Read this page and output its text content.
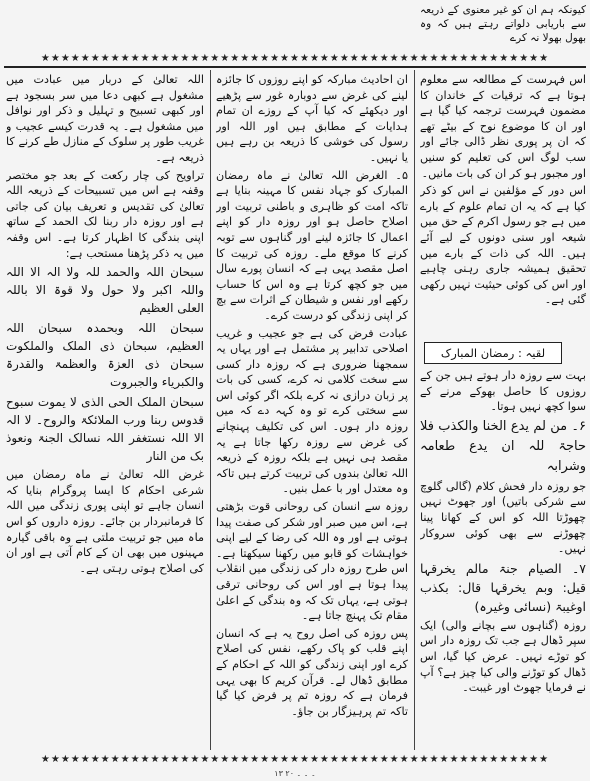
کیونکہ ہم ان کو غیر معنوی کے ذریعہ سے باریابی دلواتے رہتے ہیں کہ وہ بھول بھولا نہ کرے

★★★★★★★★★★★★★★★★★★★★★★★★★★★★★★★★★★★★★★★★★★★★★★★★★★★

اس فہرست کے مطالعہ سے معلوم ہوتا ہے کہ ترقیات کے خاندان کا مضمون فہرست ترجمہ کیا گیا ہے اور ان کا موضوع نوح کے بیٹے تھے کہ ان پر پوری نظر ڈالی جائے اور سب لوگ اس کی تعلیم کو سنیں اور مجبور ہو کر ان کی بات مانیں۔

اس دور کے مؤلفین نے اس کو ذکر کیا ہے کہ یہ ان تمام علوم کے بارے میں ہے جو رسول اکرم کے حق میں شیعہ اور سنی دونوں کے لیے آئے ہیں۔ اللہ کی ذات کے بارے میں تحقیق ہمیشہ جاری رہنی چاہیے اور اس کی کوئی حیثیت نہیں رکھی گئی ہے۔

لقیہ : رمضان المبارک

بہت سے روزہ دار ہوتے ہیں جن کے روزوں کا حاصل بھوکے مرنے کے سوا کچھ نہیں ہوتا۔

۶۔ من لم یدع الخنا والکذب فلا حاجۃ للہ ان یدع طعامہ وشرابہ

جو روزہ دار فحش کلام (گالی گلوچ سے شرکی باتیں) اور جھوٹ نہیں چھوڑتا اللہ کو اس کے کھانا پینا چھوڑنے سے بھی کوئی سروکار نہیں۔

۷۔ الصیام جنۃ مالم یخرقہا قیل: وبم یخرقہا قال: بکذب اوغیبۃ (نسائی وغیرہ)

روزہ (گناہوں سے بچانے والی) ایک سپر ڈھال ہے جب تک روزہ دار اس کو توڑے نہیں۔ عرض کیا گیا، اس ڈھال کو توڑنے والی کیا چیز ہے؟ آپ نے فرمایا جھوٹ اور غیبت۔

ان احادیث مبارکہ کو اپنے روزوں کا جائزہ لینے کی غرض سے دوبارہ غور سے پڑھیے اور دیکھئے کہ کیا آپ کے روزے ان تمام ہدایات کے مطابق ہیں اور اللہ اور رسول کی خوشی کا ذریعہ بن رہے ہیں یا نہیں۔

۵۔ الغرض اللہ تعالیٰ نے ماہ رمضان المبارک کو جہاد نفس کا مہینہ بنایا ہے تاکہ امت کو ظاہری و باطنی تربیت اور اصلاح حاصل ہو اور روزہ دار کو اپنے اعمال کا جائزہ لینے اور گناہوں سے توبہ کرنے کا موقع ملے۔ روزہ کی تربیت کا اصل مقصد یہی ہے کہ انسان پورے سال میں جو کچھ کرتا ہے وہ اس کا حساب رکھے اور نفس و شیطان کے اثرات سے بچ کر اپنی زندگی کو درست کرے۔

عبادت فرض کی ہے جو عجیب و غریب اصلاحی تدابیر پر مشتمل ہے اور یہاں یہ سمجھنا ضروری ہے کہ روزہ دار کسی سے سخت کلامی نہ کرے، کسی کی بات پر زبان درازی نہ کرے بلکہ اگر کوئی اس سے سختی کرے تو وہ کہہ دے کہ میں روزہ دار ہوں۔ اس کی تکلیف پہنچانے کی غرض سے روزہ رکھا جاتا ہے یہ مقصد ہی نہیں ہے بلکہ روزہ کے ذریعہ اللہ تعالیٰ بندوں کی تربیت کرتے ہیں تاکہ وہ معتدل اور با عمل بنیں۔

روزہ سے انسان کی روحانی قوت بڑھتی ہے، اس میں صبر اور شکر کی صفت پیدا ہوتی ہے اور وہ اللہ کی رضا کے لیے اپنی خواہشات کو قابو میں رکھنا سیکھتا ہے۔ اس طرح روزہ دار کی زندگی میں انقلاب پیدا ہوتا ہے اور اس کی روحانی ترقی ہوتی ہے، یہاں تک کہ وہ بندگی کے اعلیٰ مقام تک پہنچ جاتا ہے۔

پس روزہ کی اصل روح یہ ہے کہ انسان اپنے قلب کو پاک رکھے، نفس کی اصلاح کرے اور اپنی زندگی کو اللہ کے احکام کے مطابق ڈھال لے۔ قرآن کریم کا بھی یہی فرمان ہے کہ روزہ تم پر فرض کیا گیا تاکہ تم پرہیزگار بن جاؤ۔

اللہ تعالیٰ کے دربار میں عبادت میں مشغول ہے کبھی دعا میں سر بسجود ہے اور کبھی تسبیح و تہلیل و ذکر اور نوافل میں مشغول ہے۔ یہ قدرت کیسے عجیب و غریب طور پر سلوک کے منازل طے کرنے کا ذریعہ ہے۔

تراویح کی چار رکعت کے بعد جو مختصر وقفہ ہے اس میں تسبیحات کے ذریعہ اللہ تعالیٰ کی تقدیس و تعریف بیان کی جاتی ہے اور روزہ دار ربنا لک الحمد کے ساتھ اپنی بندگی کا اظہار کرتا ہے۔ اس وقفہ میں یہ ذکر پڑھنا مستحب ہے:

سبحان اللہ والحمد للہ ولا الہ الا اللہ واللہ اکبر ولا حول ولا قوۃ الا باللہ العلی العظیم

سبحان اللہ وبحمدہ سبحان اللہ العظیم، سبحان ذی الملک والملکوت سبحان ذی العزۃ والعظمۃ والقدرۃ والکبریاء والجبروت

سبحان الملک الحی الذی لا یموت سبوح قدوس ربنا ورب الملائکۃ والروح۔ لا الہ الا اللہ نستغفر اللہ نسالک الجنۃ ونعوذ بک من النار

غرض اللہ تعالیٰ نے ماہ رمضان میں شرعی احکام کا ایسا پروگرام بنایا کہ انسان جاہے تو اپنی پوری زندگی میں اللہ کا فرمانبردار بن جائے۔ روزہ داروں کو اس ماہ میں جو تربیت ملتی ہے وہ باقی گیارہ مہینوں میں بھی ان کے کام آتی ہے اور ان کی اصلاح ہوتی رہتی ہے۔

★★★★★★★★★★★★★★★★★★★★★★★★★★★★★★★★★★★★★★★★★★★★★★★★★★★
۱۳ ۔ ۔ ۔ ۲۰
